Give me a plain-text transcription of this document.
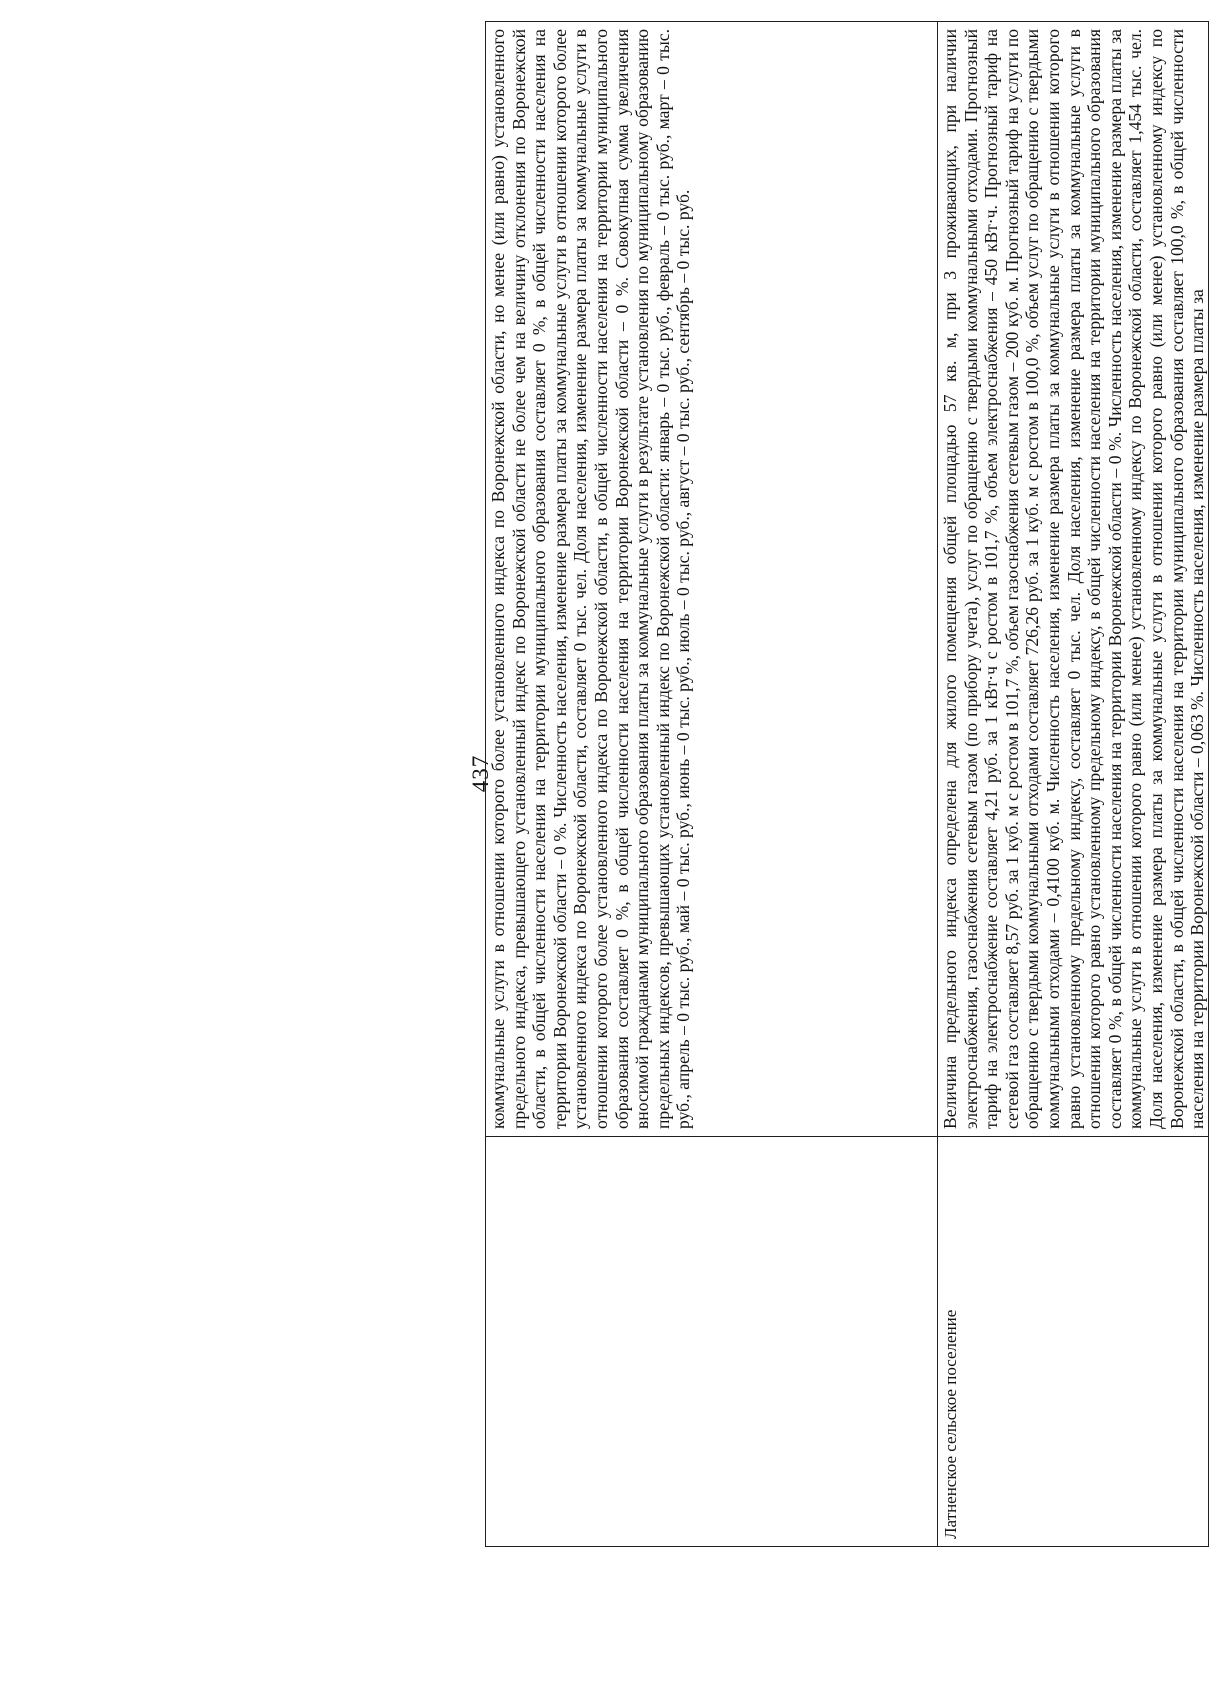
437
	коммунальные услуги в отношении которого более установленного индекса по Воронежской области, но менее (или равно) установленного предельного индекса, превышающего установленный индекс по Воронежской области не более чем на величину отклонения по Воронежской области, в общей численности населения на территории муниципального образования составляет 0 %, в общей численности населения на территории Воронежской области – 0 %. Численность населения, изменение размера платы за коммунальные услуги в отношении которого более установленного индекса по Воронежской области, составляет 0 тыс. чел. Доля населения, изменение размера платы за коммунальные услуги в отношении которого более установленного индекса по Воронежской области, в общей численности населения на территории муниципального образования составляет 0 %, в общей численности населения на территории Воронежской области – 0 %. Совокупная сумма увеличения вносимой гражданами муниципального образования платы за коммунальные услуги в результате установления по муниципальному образованию предельных индексов, превышающих установленный индекс по Воронежской области: январь – 0 тыс. руб., февраль – 0 тыс. руб., март – 0 тыс. руб., апрель – 0 тыс. руб., май – 0 тыс. руб., июнь – 0 тыс. руб., июль – 0 тыс. руб., август – 0 тыс. руб., сентябрь – 0 тыс. руб.
Латненское сельское поселение	Величина предельного индекса определена для жилого помещения общей площадью 57 кв. м, при 3 проживающих, при наличии электроснабжения, газоснабжения сетевым газом (по прибору учета), услуг по обращению с твердыми коммунальными отходами. Прогнозный тариф на электроснабжение составляет 4,21 руб. за 1 кВт·ч с ростом в 101,7 %, объем электроснабжения – 450 кВт·ч. Прогнозный тариф на сетевой газ составляет 8,57 руб. за 1 куб. м с ростом в 101,7 %, объем газоснабжения сетевым газом – 200 куб. м. Прогнозный тариф на услуги по обращению с твердыми коммунальными отходами составляет 726,26 руб. за 1 куб. м с ростом в 100,0 %, объем услуг по обращению с твердыми коммунальными отходами – 0,4100 куб. м. Численность населения, изменение размера платы за коммунальные услуги в отношении которого равно установленному предельному индексу, составляет 0 тыс. чел. Доля населения, изменение размера платы за коммунальные услуги в отношении которого равно установленному предельному индексу, в общей численности населения на территории муниципального образования составляет 0 %, в общей численности населения на территории Воронежской области – 0 %. Численность населения, изменение размера платы за коммунальные услуги в отношении которого равно (или менее) установленному индексу по Воронежской области, составляет 1,454 тыс. чел. Доля населения, изменение размера платы за коммунальные услуги в отношении которого равно (или менее) установленному индексу по Воронежской области, в общей численности населения на территории муниципального образования составляет 100,0 %, в общей численности населения на территории Воронежской области – 0,063 %. Численность населения, изменение размера платы за
